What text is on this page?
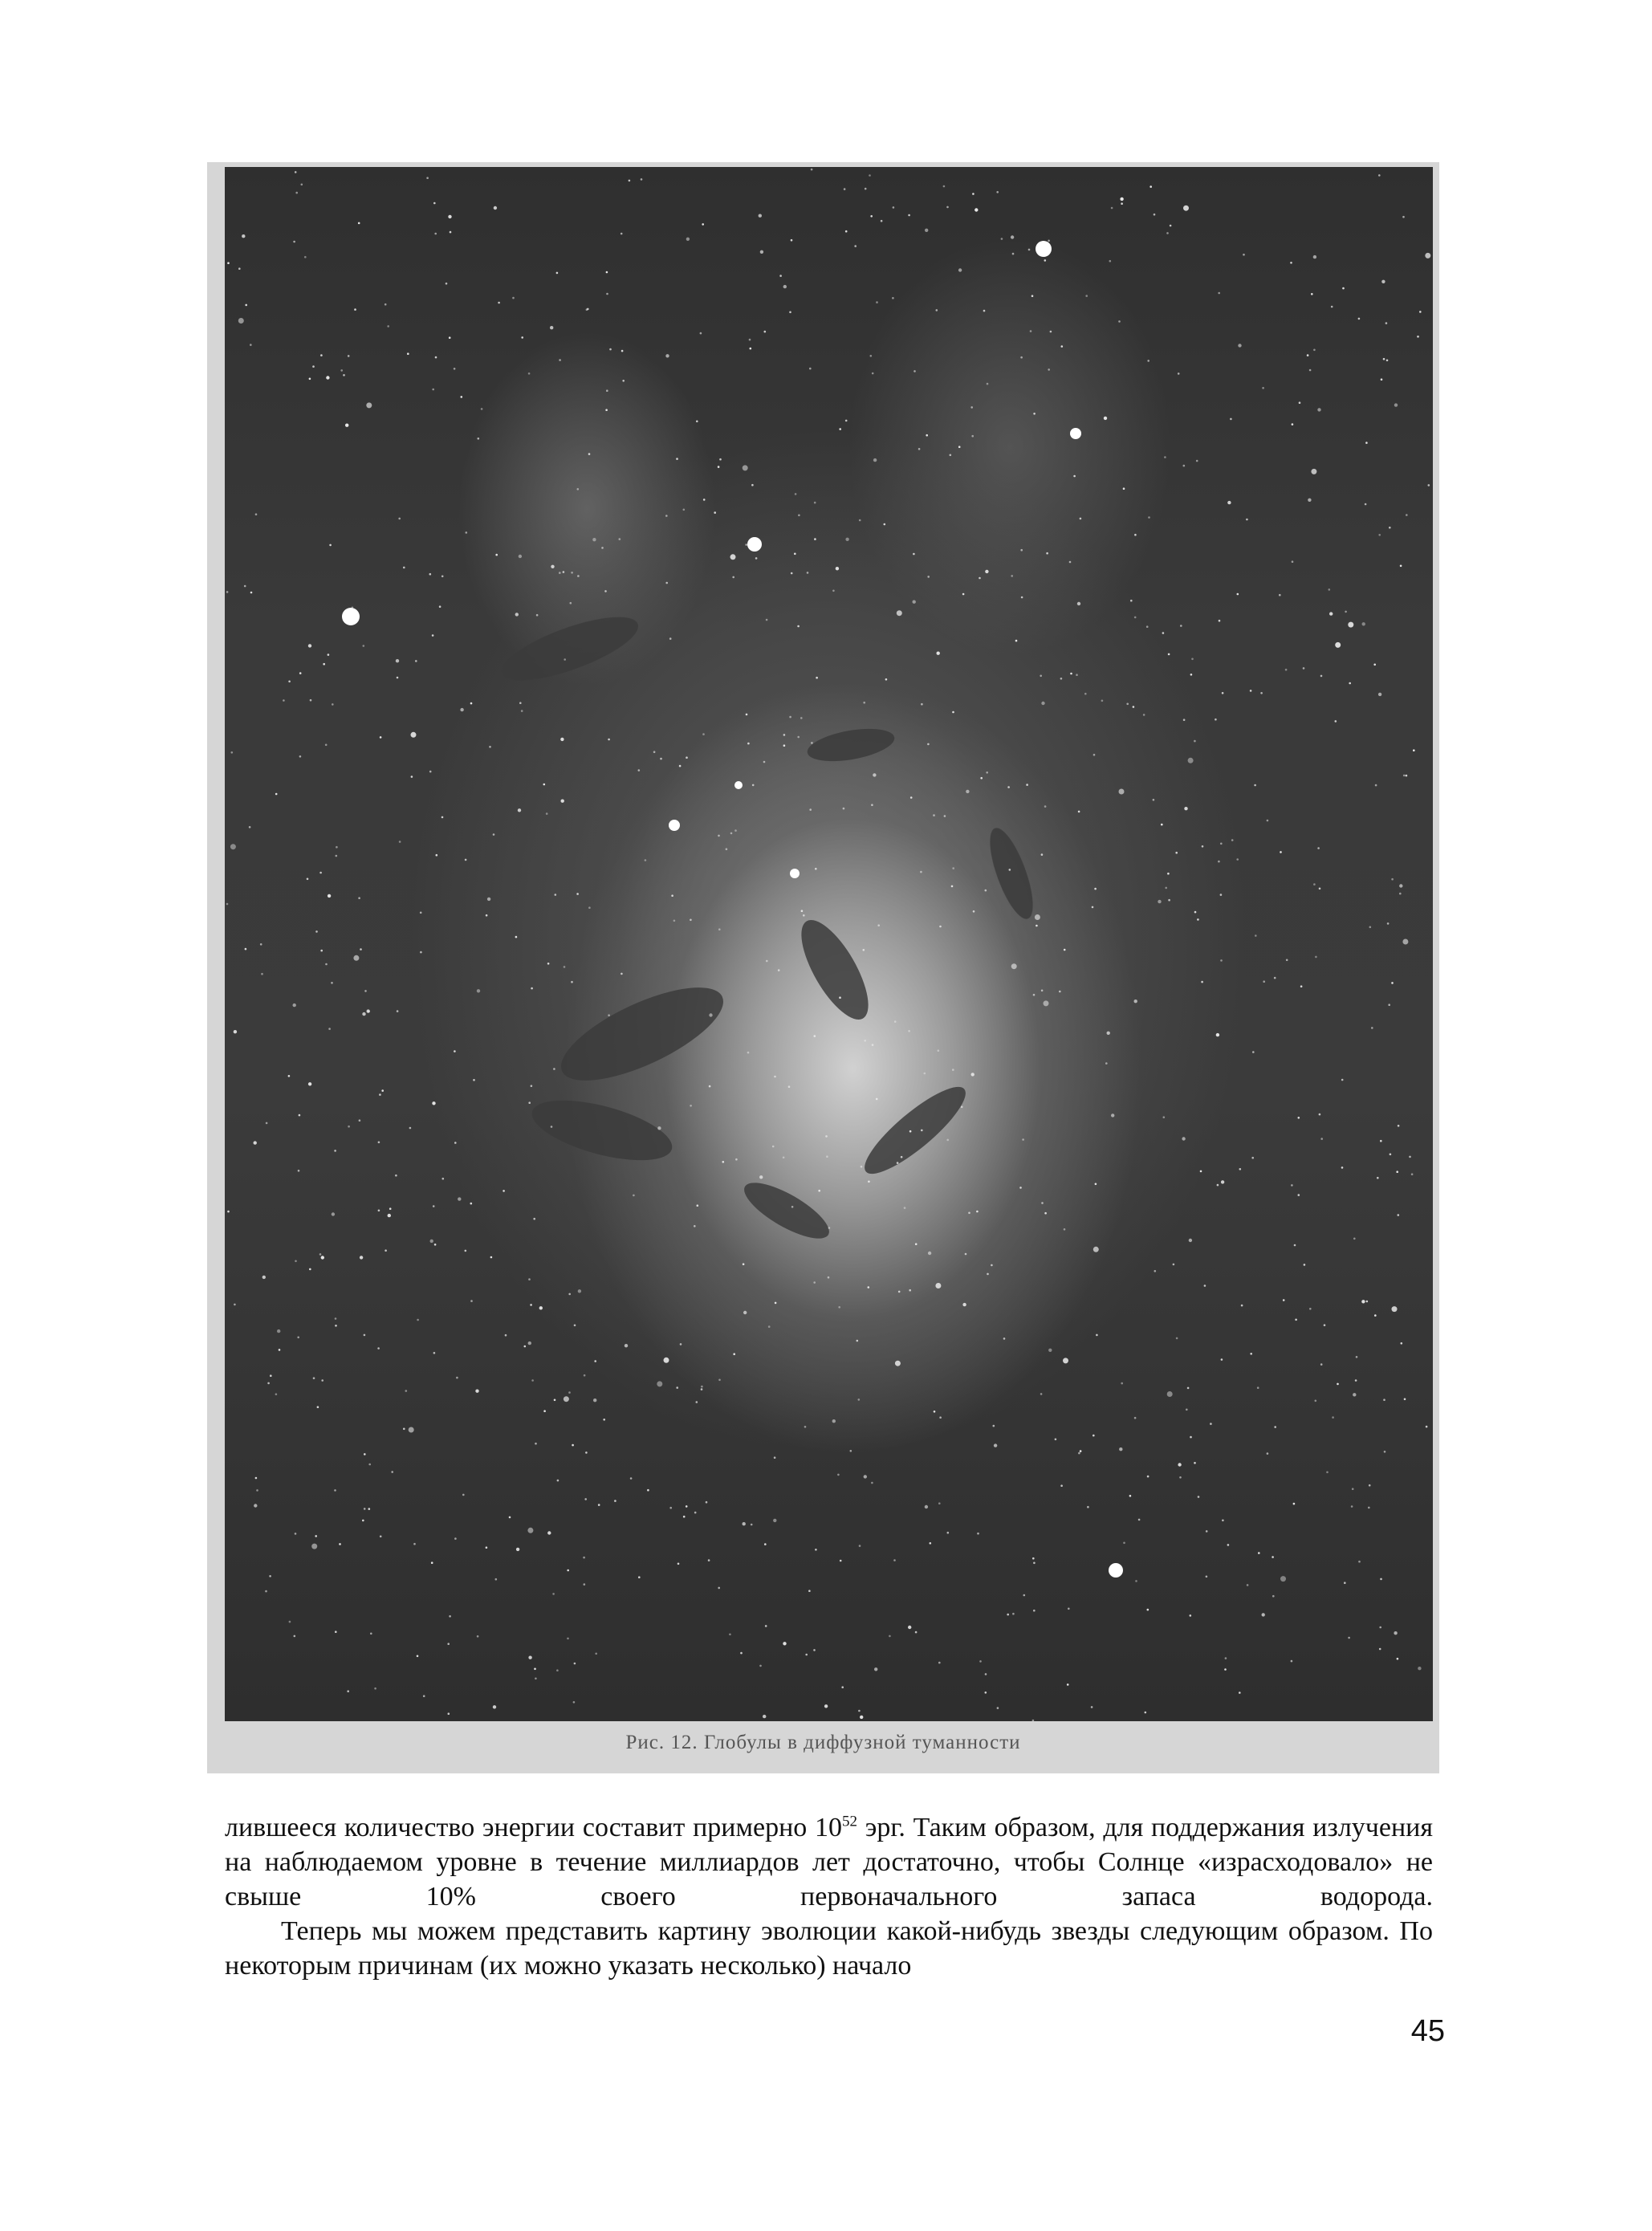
Рис. 12. Глобулы в диффузной туманности

лившееся количество энергии составит примерно $10^{52}$ эрг. Таким образом, для поддержания излучения на наблюдаемом уровне в течение миллиардов лет достаточно, чтобы Солнце «израсходовало» не свыше 10% своего первоначального запаса водорода.

Теперь мы можем представить картину эволюции какой-нибудь звезды следующим образом. По некоторым причинам (их можно указать несколько) начало

45
